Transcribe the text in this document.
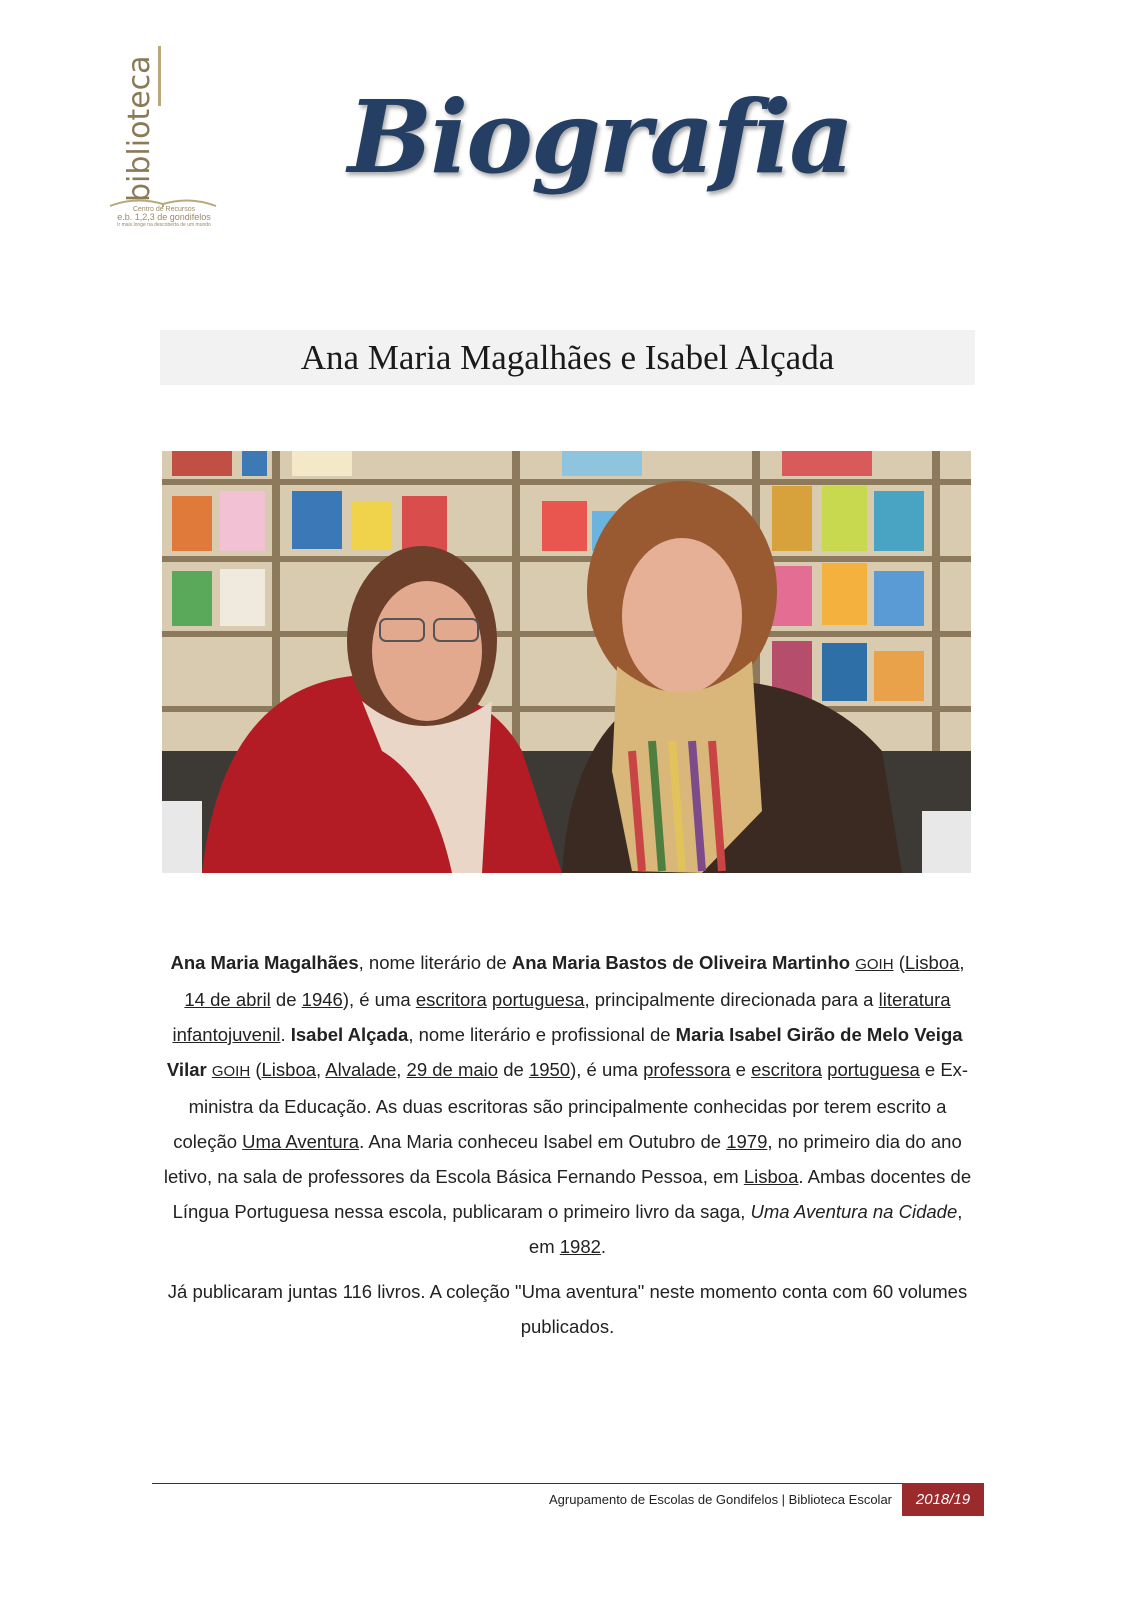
biblioteca
Centro de Recursos
e.b. 1,2,3 de gondifelos
Ir mais longe na descoberta de um mundo
Biografia
Ana Maria Magalhães e Isabel Alçada

Ana Maria Magalhães, nome literário de Ana Maria Bastos de Oliveira Martinho GOIH (Lisboa, 14 de abril de 1946), é uma escritora portuguesa, principalmente direcionada para a literatura infantojuvenil. Isabel Alçada, nome literário e profissional de Maria Isabel Girão de Melo Veiga Vilar GOIH (Lisboa, Alvalade, 29 de maio de 1950), é uma professora e escritora portuguesa e Ex- ministra da Educação. As duas escritoras são principalmente conhecidas por terem escrito a coleção Uma Aventura. Ana Maria conheceu Isabel em Outubro de 1979, no primeiro dia do ano letivo, na sala de professores da Escola Básica Fernando Pessoa, em Lisboa. Ambas docentes de Língua Portuguesa nessa escola, publicaram o primeiro livro da saga, Uma Aventura na Cidade, em 1982.

Já publicaram juntas 116 livros. A coleção "Uma aventura" neste momento conta com 60 volumes publicados.

Agrupamento de Escolas de Gondifelos | Biblioteca Escolar	2018/19
